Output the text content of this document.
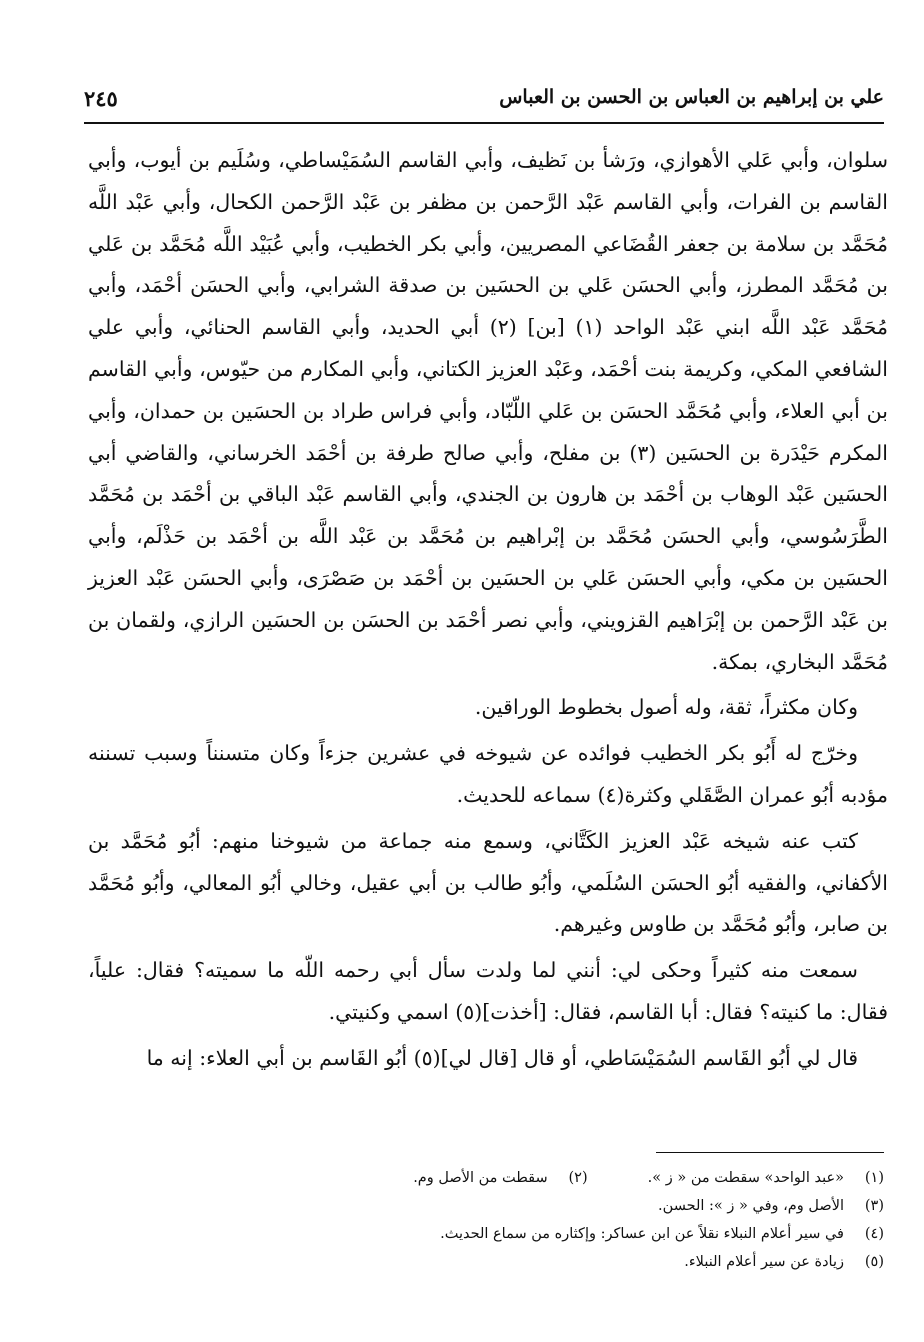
علي بن إبراهيم بن العباس بن الحسن بن العباس
٢٤٥

سلوان، وأبي عَلي الأهوازي، ورَشأ بن نَظيف، وأبي القاسم السُمَيْساطي، وسُلَيم بن أيوب، وأبي القاسم بن الفرات، وأبي القاسم عَبْد الرَّحمن بن مظفر بن عَبْد الرَّحمن الكحال، وأبي عَبْد اللَّه مُحَمَّد بن سلامة بن جعفر القُضَاعي المصريين، وأبي بكر الخطيب، وأبي عُبَيْد اللَّه مُحَمَّد بن عَلي بن مُحَمَّد المطرز، وأبي الحسَن عَلي بن الحسَين بن صدقة الشرابي، وأبي الحسَن أحْمَد، وأبي مُحَمَّد عَبْد اللَّه ابني عَبْد الواحد (١) [بن] (٢) أبي الحديد، وأبي القاسم الحنائي، وأبي علي الشافعي المكي، وكريمة بنت أحْمَد، وعَبْد العزيز الكتاني، وأبي المكارم من حيّوس، وأبي القاسم بن أبي العلاء، وأبي مُحَمَّد الحسَن بن عَلي اللّبّاد، وأبي فراس طراد بن الحسَين بن حمدان، وأبي المكرم حَيْدَرة بن الحسَين (٣) بن مفلح، وأبي صالح طرفة بن أحْمَد الخرساني، والقاضي أبي الحسَين عَبْد الوهاب بن أحْمَد بن هارون بن الجندي، وأبي القاسم عَبْد الباقي بن أحْمَد بن مُحَمَّد الطَّرَسُوسي، وأبي الحسَن مُحَمَّد بن إبْراهيم بن مُحَمَّد بن عَبْد اللَّه بن أحْمَد بن حَذْلَم، وأبي الحسَين بن مكي، وأبي الحسَن عَلي بن الحسَين بن أحْمَد بن صَصْرَى، وأبي الحسَن عَبْد العزيز بن عَبْد الرَّحمن بن إبْرَاهيم القزويني، وأبي نصر أحْمَد بن الحسَن بن الحسَين الرازي، ولقمان بن مُحَمَّد البخاري، بمكة.

وكان مكثراً، ثقة، وله أصول بخطوط الوراقين.

وخرّج له أَبُو بكر الخطيب فوائده عن شيوخه في عشرين جزءاً وكان متسنناً وسبب تسننه مؤدبه أبُو عمران الصَّقَلي وكثرة(٤) سماعه للحديث.

كتب عنه شيخه عَبْد العزيز الكَتَّاني، وسمع منه جماعة من شيوخنا منهم: أبُو مُحَمَّد بن الأكفاني، والفقيه أبُو الحسَن السُلَمي، وأبُو طالب بن أبي عقيل، وخالي أبُو المعالي، وأبُو مُحَمَّد بن صابر، وأبُو مُحَمَّد بن طاوس وغيرهم.

سمعت منه كثيراً وحكى لي: أنني لما ولدت سأل أبي رحمه اللّه ما سميته؟ فقال: علياً، فقال: ما كنيته؟ فقال: أبا القاسم، فقال: [أخذت](٥) اسمي وكنيتي.

قال لي أبُو القَاسم السُمَيْسَاطي، أو قال [قال لي](٥) أبُو القَاسم بن أبي العلاء: إنه ما

(١)
«عبد الواحد» سقطت من « ز ».
(٢)
سقطت من الأصل وم.
(٣)
الأصل وم، وفي « ز »: الحسن.
(٤)
في سير أعلام النبلاء نقلاً عن ابن عساكر: وإكثاره من سماع الحديث.
(٥)
زيادة عن سير أعلام النبلاء.
